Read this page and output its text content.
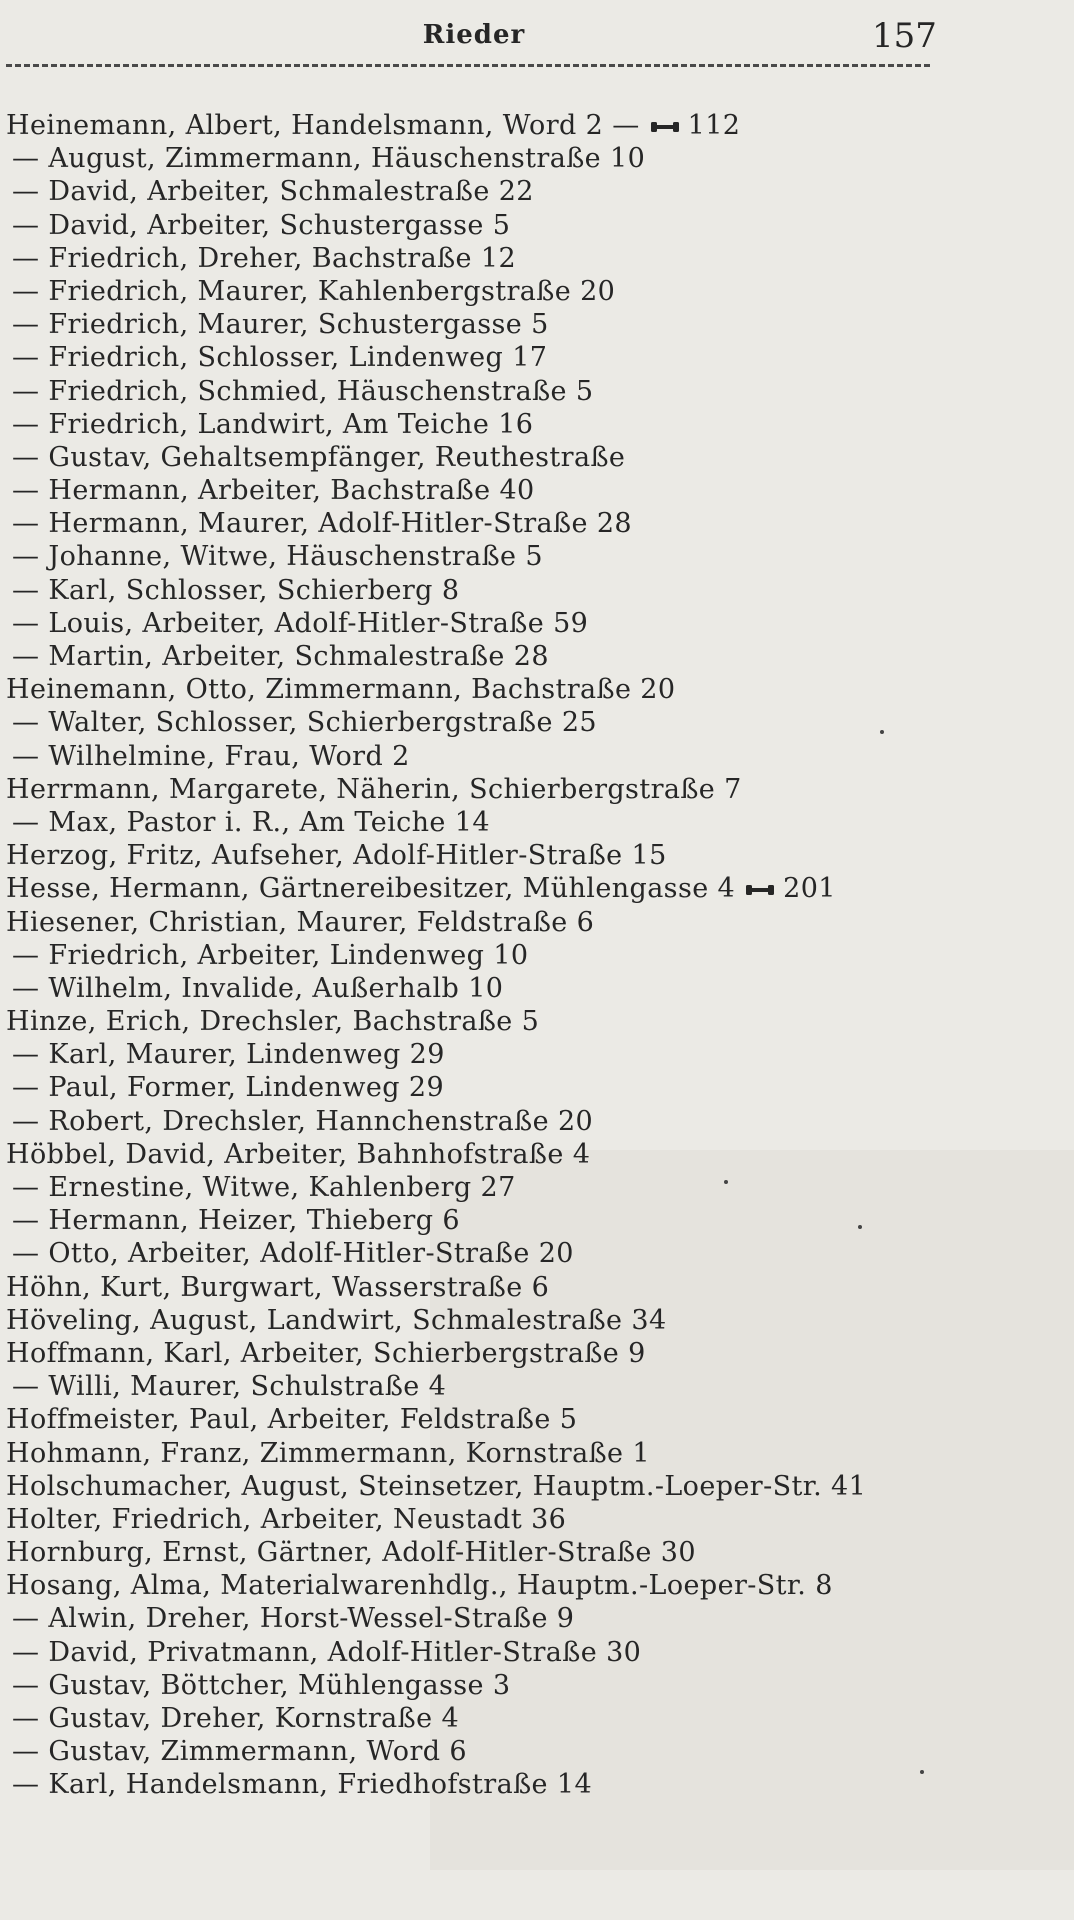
Rieder	157
Heinemann, Albert, Handelsmann, Word 2 — 112
— August, Zimmermann, Häuschenstraße 10
— David, Arbeiter, Schmalestraße 22
— David, Arbeiter, Schustergasse 5
— Friedrich, Dreher, Bachstraße 12
— Friedrich, Maurer, Kahlenbergstraße 20
— Friedrich, Maurer, Schustergasse 5
— Friedrich, Schlosser, Lindenweg 17
— Friedrich, Schmied, Häuschenstraße 5
— Friedrich, Landwirt, Am Teiche 16
— Gustav, Gehaltsempfänger, Reuthestraße
— Hermann, Arbeiter, Bachstraße 40
— Hermann, Maurer, Adolf-Hitler-Straße 28
— Johanne, Witwe, Häuschenstraße 5
— Karl, Schlosser, Schierberg 8
— Louis, Arbeiter, Adolf-Hitler-Straße 59
— Martin, Arbeiter, Schmalestraße 28
Heinemann, Otto, Zimmermann, Bachstraße 20
— Walter, Schlosser, Schierbergstraße 25
— Wilhelmine, Frau, Word 2
Herrmann, Margarete, Näherin, Schierbergstraße 7
— Max, Pastor i. R., Am Teiche 14
Herzog, Fritz, Aufseher, Adolf-Hitler-Straße 15
Hesse, Hermann, Gärtnereibesitzer, Mühlengasse 4 201
Hiesener, Christian, Maurer, Feldstraße 6
— Friedrich, Arbeiter, Lindenweg 10
— Wilhelm, Invalide, Außerhalb 10
Hinze, Erich, Drechsler, Bachstraße 5
— Karl, Maurer, Lindenweg 29
— Paul, Former, Lindenweg 29
— Robert, Drechsler, Hannchenstraße 20
Höbbel, David, Arbeiter, Bahnhofstraße 4
— Ernestine, Witwe, Kahlenberg 27
— Hermann, Heizer, Thieberg 6
— Otto, Arbeiter, Adolf-Hitler-Straße 20
Höhn, Kurt, Burgwart, Wasserstraße 6
Höveling, August, Landwirt, Schmalestraße 34
Hoffmann, Karl, Arbeiter, Schierbergstraße 9
— Willi, Maurer, Schulstraße 4
Hoffmeister, Paul, Arbeiter, Feldstraße 5
Hohmann, Franz, Zimmermann, Kornstraße 1
Holschumacher, August, Steinsetzer, Hauptm.-Loeper-Str. 41
Holter, Friedrich, Arbeiter, Neustadt 36
Hornburg, Ernst, Gärtner, Adolf-Hitler-Straße 30
Hosang, Alma, Materialwarenhdlg., Hauptm.-Loeper-Str. 8
— Alwin, Dreher, Horst-Wessel-Straße 9
— David, Privatmann, Adolf-Hitler-Straße 30
— Gustav, Böttcher, Mühlengasse 3
— Gustav, Dreher, Kornstraße 4
— Gustav, Zimmermann, Word 6
— Karl, Handelsmann, Friedhofstraße 14
